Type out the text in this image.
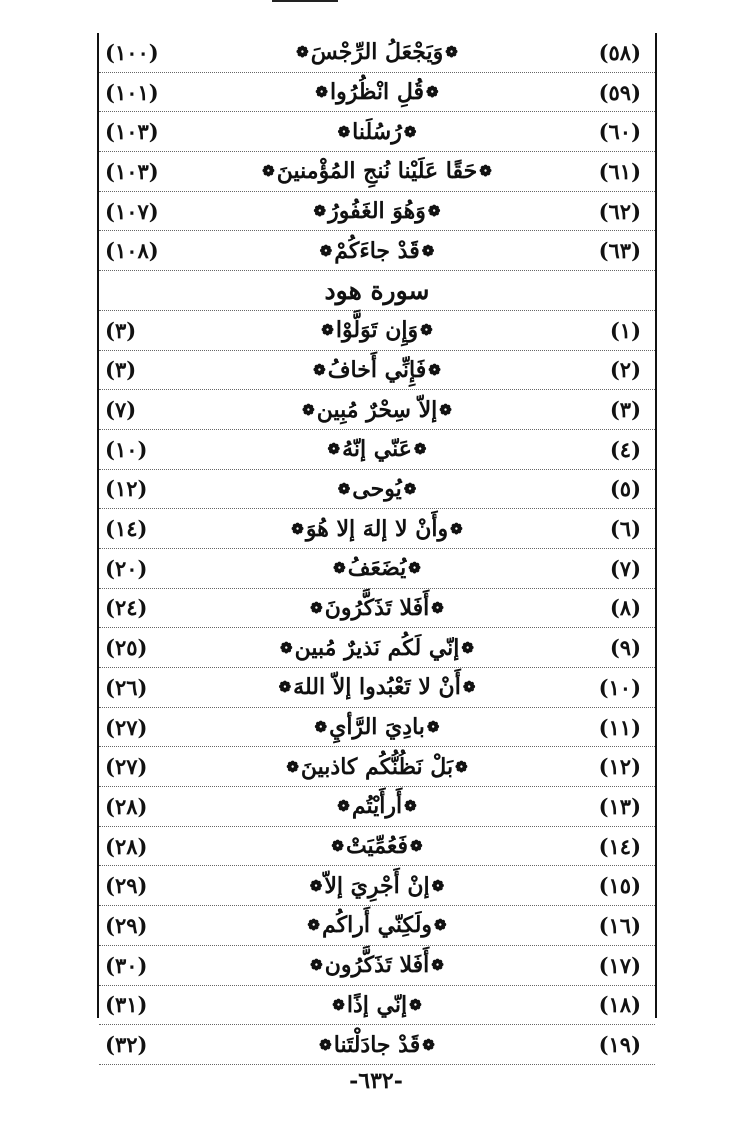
(٥٨)
❁
وَيَجْعَلُ الرِّجْسَ
❁
(١٠٠)
(٥٩)
❁
قُلِ انْظُرُوا
❁
(١٠١)
(٦٠)
❁
رُسُلَنا
❁
(١٠٣)
(٦١)
❁
حَقًا عَلَيْنا نُنجِ المُؤْمنينَ
❁
(١٠٣)
(٦٢)
❁
وَهُوَ الغَفُورُ
❁
(١٠٧)
(٦٣)
❁
قَدْ جاءَكُمْ
❁
(١٠٨)
سورة هود
(١)
❁
وَإِن تَوَلَّوْا
❁
(٣)
(٢)
❁
فَإِنِّي أَخافُ
❁
(٣)
(٣)
❁
إلاّ سِحْرٌ مُبِين
❁
(٧)
(٤)
❁
عَنّي إنّهُ
❁
(١٠)
(٥)
❁
يُوحى
❁
(١٢)
(٦)
❁
وأَنْ لا إلهَ إلا هُوَ
❁
(١٤)
(٧)
❁
يُضَعَفُ
❁
(٢٠)
(٨)
❁
أَفَلا تَذَكَّرُونَ
❁
(٢٤)
(٩)
❁
إنّي لَكُم نَذيرٌ مُبين
❁
(٢٥)
(١٠)
❁
أَنْ لا تَعْبُدوا إلاّ اللهَ
❁
(٢٦)
(١١)
❁
بادِيَ الرَّأيِ
❁
(٢٧)
(١٢)
❁
بَلْ نَظُنُّكُم كاذبينَ
❁
(٢٧)
(١٣)
❁
أَرأَيْتُم
❁
(٢٨)
(١٤)
❁
فَعُمِّيَتْ
❁
(٢٨)
(١٥)
❁
إنْ أَجْرِيَ إلاّ
❁
(٢٩)
(١٦)
❁
ولَكِنّي أَراكُم
❁
(٢٩)
(١٧)
❁
أَفَلا تَذَكَّرُون
❁
(٣٠)
(١٨)
❁
إنّي إذًا
❁
(٣١)
(١٩)
❁
قَدْ جادَلْتَنا
❁
(٣٢)
-٦٣٢-
